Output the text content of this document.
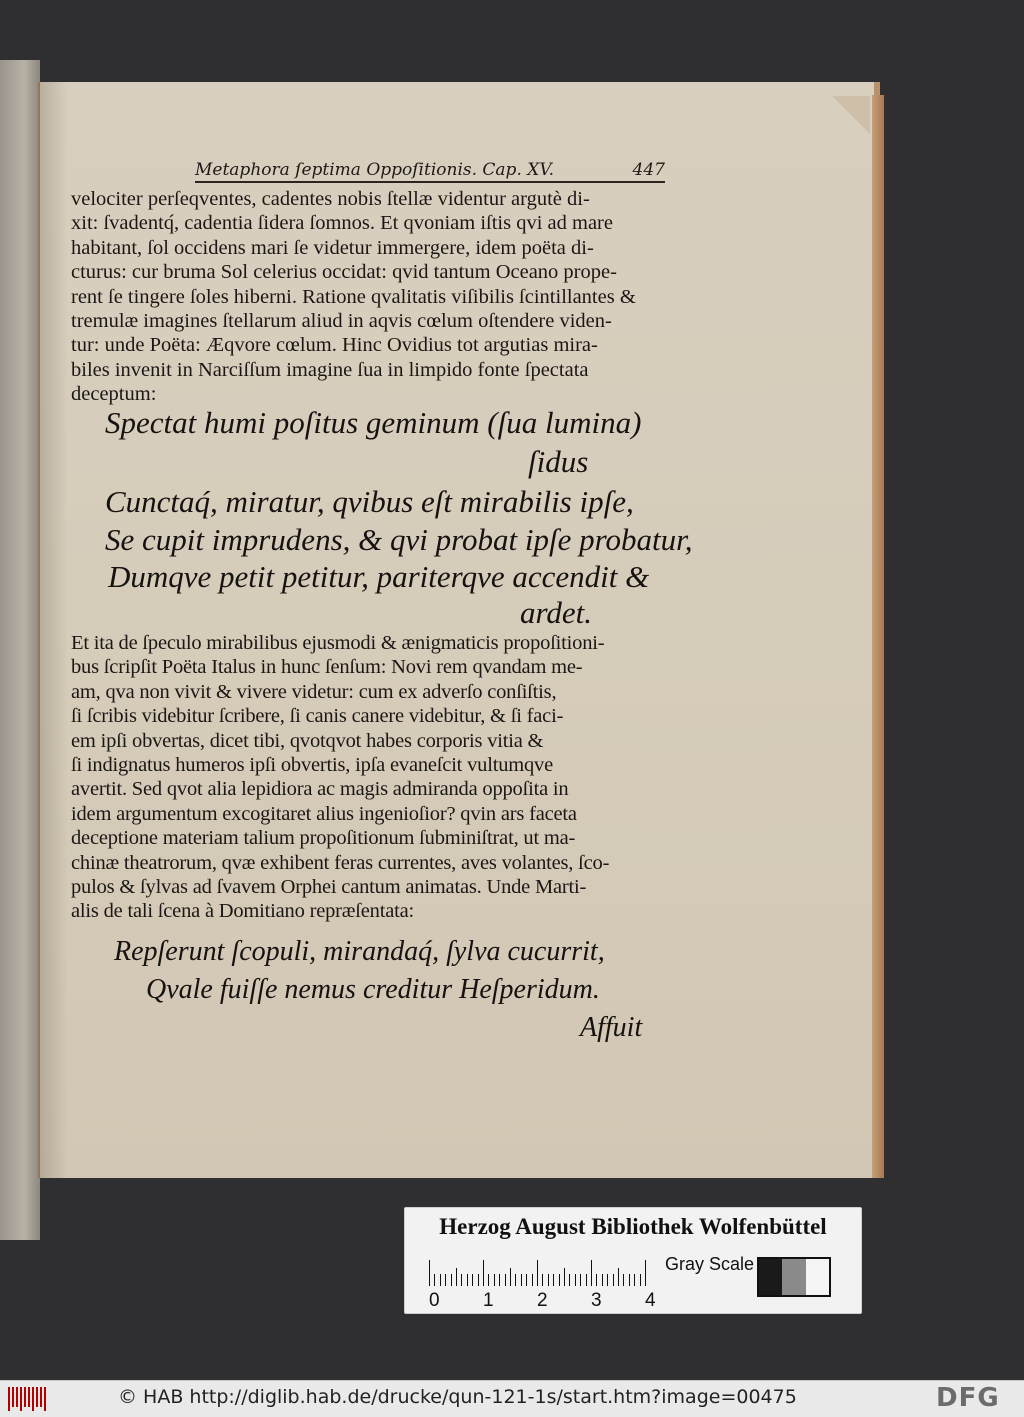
Metaphora ſeptima Oppoſitionis. Cap. XV.	447
velociter perſeqventes, cadentes nobis ſtellæ videntur argutè di-
xit: ſvadentq́, cadentia ſidera ſomnos. Et qvoniam iſtis qvi ad mare
habitant, ſol occidens mari ſe videtur immergere, idem poëta di-
cturus: cur bruma Sol celerius occidat: qvid tantum Oceano prope-
rent ſe tingere ſoles hiberni. Ratione qvalitatis viſibilis ſcintillantes &
tremulæ imagines ſtellarum aliud in aqvis cœlum oſtendere viden-
tur: unde Poëta: Æqvore cœlum. Hinc Ovidius tot argutias mira-
biles invenit in Narciſſum imagine ſua in limpido fonte ſpectata
deceptum:
Spectat humi poſitus geminum (ſua lumina)
ſidus
Cunctaq́, miratur, qvibus eſt mirabilis ipſe,
Se cupit imprudens, & qvi probat ipſe probatur,
Dumqve petit petitur, pariterqve accendit &
ardet.
Et ita de ſpeculo mirabilibus ejusmodi & ænigmaticis propoſitioni-
bus ſcripſit Poëta Italus in hunc ſenſum: Novi rem qvandam me-
am, qva non vivit & vivere videtur: cum ex adverſo conſiſtis,
ſi ſcribis videbitur ſcribere, ſi canis canere videbitur, & ſi faci-
em ipſi obvertas, dicet tibi, qvotqvot habes corporis vitia &
ſi indignatus humeros ipſi obvertis, ipſa evaneſcit vultumqve
avertit. Sed qvot alia lepidiora ac magis admiranda oppoſita in
idem argumentum excogitaret alius ingenioſior? qvin ars faceta
deceptione materiam talium propoſitionum ſubminiſtrat, ut ma-
chinæ theatrorum, qvæ exhibent feras currentes, aves volantes, ſco-
pulos & ſylvas ad ſvavem Orphei cantum animatas. Unde Marti-
alis de tali ſcena à Domitiano repræſentata:
Repſerunt ſcopuli, mirandaq́, ſylva cucurrit,
Qvale fuiſſe nemus creditur Heſperidum.
Affuit
Herzog August Bibliothek Wolfenbüttel
0 1 2 3 4
Gray Scale
© HAB http://diglib.hab.de/drucke/qun-121-1s/start.htm?image=00475	DFG
